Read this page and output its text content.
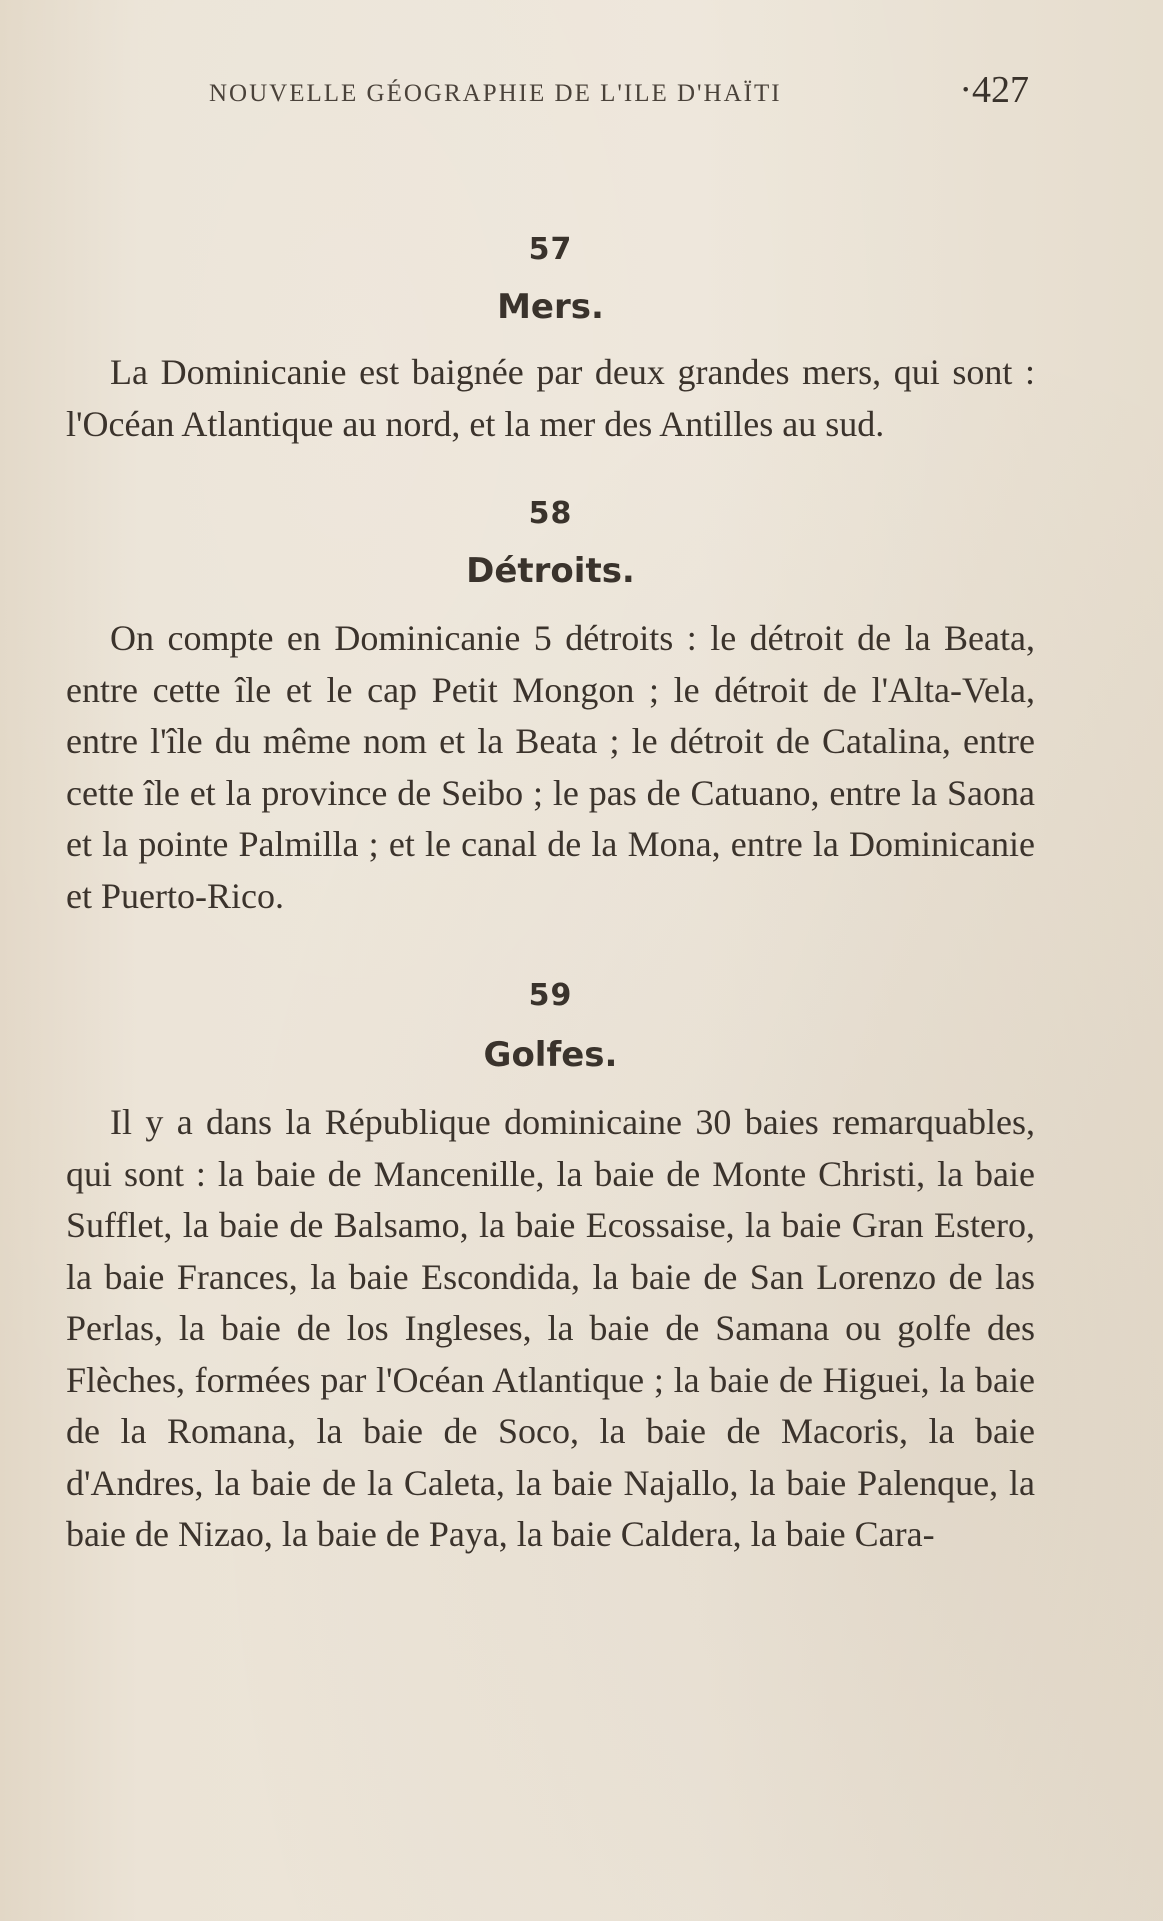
NOUVELLE GÉOGRAPHIE DE L'ILE D'HAÏTI	·427

57

Mers.

La Dominicanie est baignée par deux grandes mers, qui sont : l'Océan Atlantique au nord, et la mer des Antilles au sud.

58

Détroits.

On compte en Dominicanie 5 détroits : le détroit de la Beata, entre cette île et le cap Petit Mongon ; le détroit de l'Alta-Vela, entre l'île du même nom et la Beata ; le détroit de Catalina, entre cette île et la province de Seibo ; le pas de Catuano, entre la Saona et la pointe Palmilla ; et le canal de la Mona, entre la Dominicanie et Puerto-Rico.

59

Golfes.

Il y a dans la République dominicaine 30 baies remarquables, qui sont : la baie de Mancenille, la baie de Monte Christi, la baie Sufflet, la baie de Balsamo, la baie Ecossaise, la baie Gran Estero, la baie Frances, la baie Escondida, la baie de San Lorenzo de las Perlas, la baie de los Ingleses, la baie de Samana ou golfe des Flèches, formées par l'Océan Atlantique ; la baie de Higuei, la baie de la Romana, la baie de Soco, la baie de Macoris, la baie d'Andres, la baie de la Caleta, la baie Najallo, la baie Palenque, la baie de Nizao, la baie de Paya, la baie Caldera, la baie Cara-
